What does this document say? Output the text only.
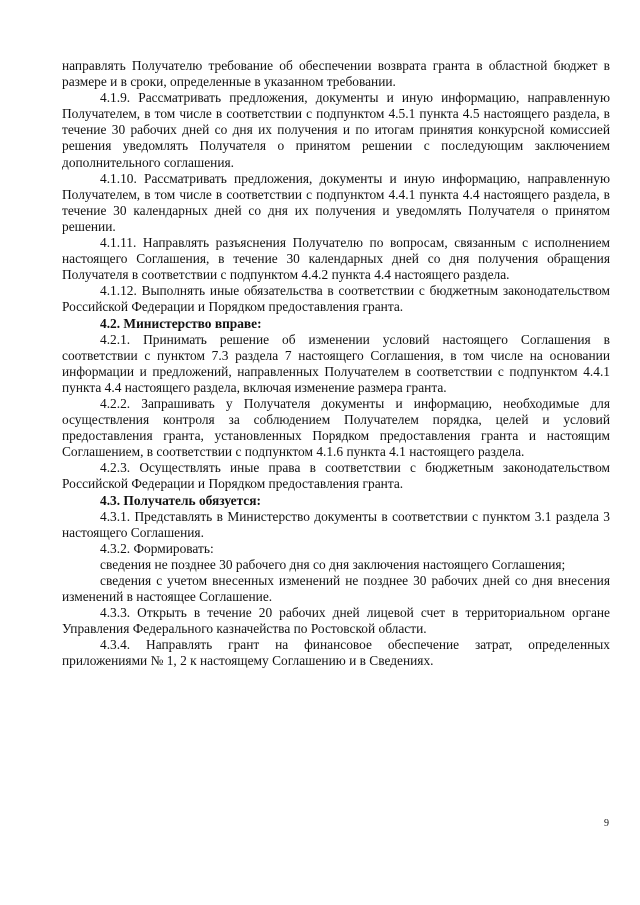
направлять Получателю требование об обеспечении возврата гранта в областной бюджет в размере и в сроки, определенные в указанном требовании.

4.1.9. Рассматривать предложения, документы и иную информацию, направленную Получателем, в том числе в соответствии с подпунктом 4.5.1 пункта 4.5 настоящего раздела, в течение 30 рабочих дней со дня их получения и по итогам принятия конкурсной комиссией решения уведомлять Получателя о принятом решении с последующим заключением дополнительного соглашения.

4.1.10. Рассматривать предложения, документы и иную информацию, направленную Получателем, в том числе в соответствии с подпунктом 4.4.1 пункта 4.4 настоящего раздела, в течение 30 календарных дней со дня их получения и уведомлять Получателя о принятом решении.

4.1.11. Направлять разъяснения Получателю по вопросам, связанным с исполнением настоящего Соглашения, в течение 30 календарных дней со дня получения обращения Получателя в соответствии с подпунктом 4.4.2 пункта 4.4 настоящего раздела.

4.1.12. Выполнять иные обязательства в соответствии с бюджетным законодательством Российской Федерации и Порядком предоставления гранта.

4.2. Министерство вправе:

4.2.1. Принимать решение об изменении условий настоящего Соглашения в соответствии с пунктом 7.3 раздела 7 настоящего Соглашения, в том числе на основании информации и предложений, направленных Получателем в соответствии с подпунктом 4.4.1 пункта 4.4 настоящего раздела, включая изменение размера гранта.

4.2.2. Запрашивать у Получателя документы и информацию, необходимые для осуществления контроля за соблюдением Получателем порядка, целей и условий предоставления гранта, установленных Порядком предоставления гранта и настоящим Соглашением, в соответствии с подпунктом 4.1.6 пункта 4.1 настоящего раздела.

4.2.3. Осуществлять иные права в соответствии с бюджетным законодательством Российской Федерации и Порядком предоставления гранта.

4.3. Получатель обязуется:

4.3.1. Представлять в Министерство документы в соответствии с пунктом 3.1 раздела 3 настоящего Соглашения.

4.3.2. Формировать:

сведения не позднее 30 рабочего дня со дня заключения настоящего Соглашения;

сведения с учетом внесенных изменений не позднее 30 рабочих дней со дня внесения изменений в настоящее Соглашение.

4.3.3. Открыть в течение 20 рабочих дней лицевой счет в территориальном органе Управления Федерального казначейства по Ростовской области.

4.3.4. Направлять грант на финансовое обеспечение затрат, определенных приложениями № 1, 2 к настоящему Соглашению и в Сведениях.

9
